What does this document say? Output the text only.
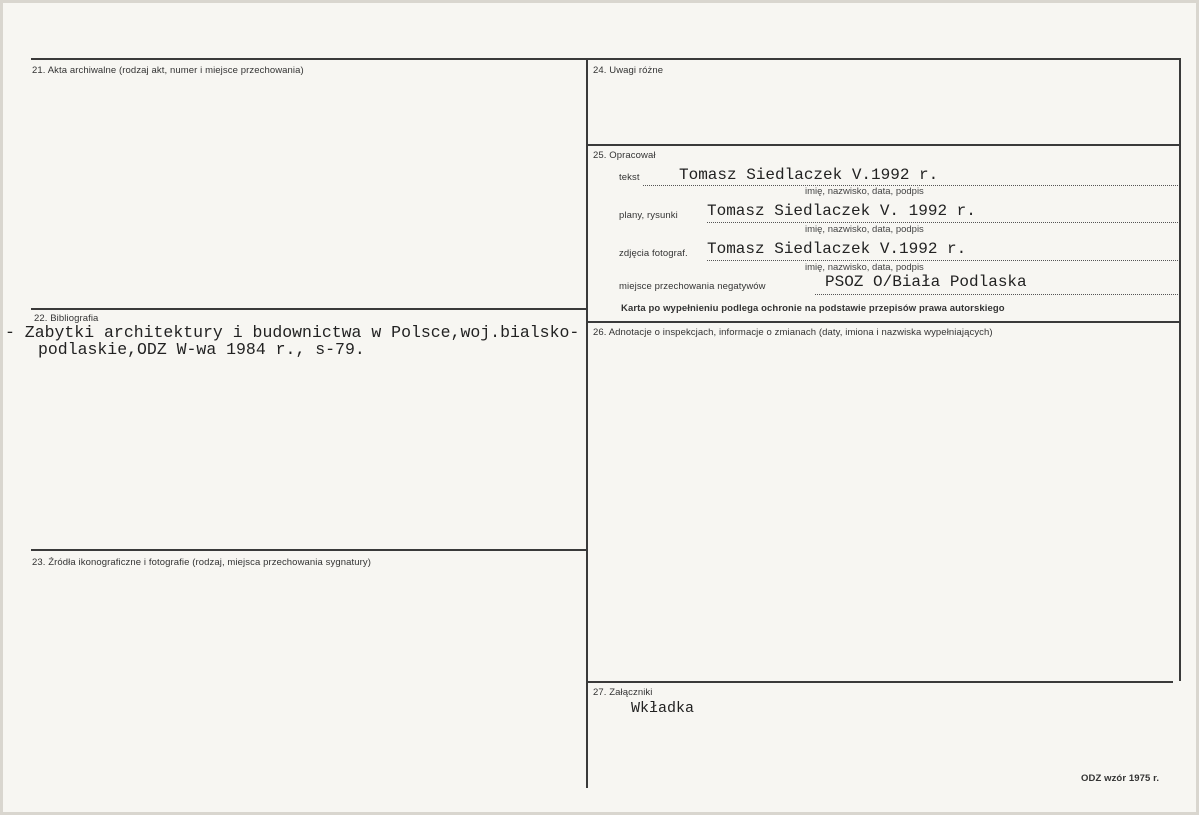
21. Akta archiwalne (rodzaj akt, numer i miejsce przechowania)
22. Bibliografia
- Zabytki architektury i budownictwa w Polsce,woj.bialsko-
podlaskie,ODZ W-wa 1984 r., s-79.
23. Źródła ikonograficzne i fotografie (rodzaj, miejsca przechowania sygnatury)
24. Uwagi różne
25. Opracował
tekst Tomasz Siedlaczek V.1992 r.
imię, nazwisko, data, podpis
plany, rysunki Tomasz Siedlaczek V. 1992 r.
imię, nazwisko, data, podpis
zdjęcia fotograf. Tomasz Siedlaczek V.1992 r.
imię, nazwisko, data, podpis
miejsce przechowania negatywów	PSOZ O/Biała Podlaska
Karta po wypełnieniu podlega ochronie na podstawie przepisów prawa autorskiego
26. Adnotacje o inspekcjach, informacje o zmianach (daty, imiona i nazwiska wypełniających)
27. Załączniki
Wkładka
ODZ wzór 1975 r.
